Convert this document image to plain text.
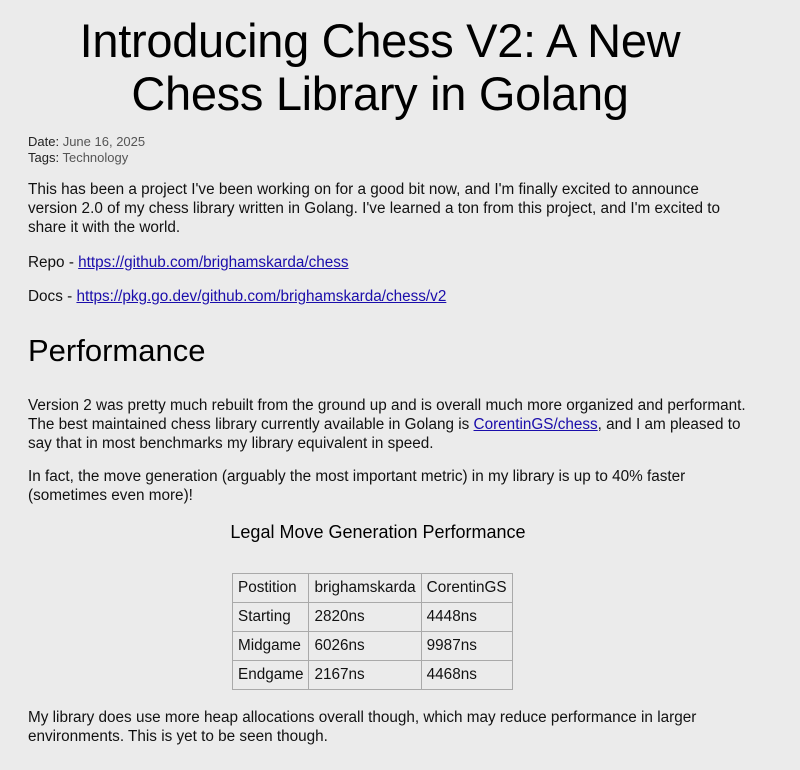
Introducing Chess V2: A New Chess Library in Golang
Date: June 16, 2025
Tags: Technology

This has been a project I've been working on for a good bit now, and I'm finally excited to announce version 2.0 of my chess library written in Golang. I've learned a ton from this project, and I'm excited to share it with the world.

Repo - https://github.com/brighamskarda/chess

Docs - https://pkg.go.dev/github.com/brighamskarda/chess/v2

Performance

Version 2 was pretty much rebuilt from the ground up and is overall much more organized and performant. The best maintained chess library currently available in Golang is CorentinGS/chess, and I am pleased to say that in most benchmarks my library equivalent in speed.

In fact, the move generation (arguably the most important metric) in my library is up to 40% faster (sometimes even more)!

Legal Move Generation Performance
Postition	brighamskarda	CorentinGS
Starting	2820ns	4448ns
Midgame	6026ns	9987ns
Endgame	2167ns	4468ns

My library does use more heap allocations overall though, which may reduce performance in larger environments. This is yet to be seen though.
